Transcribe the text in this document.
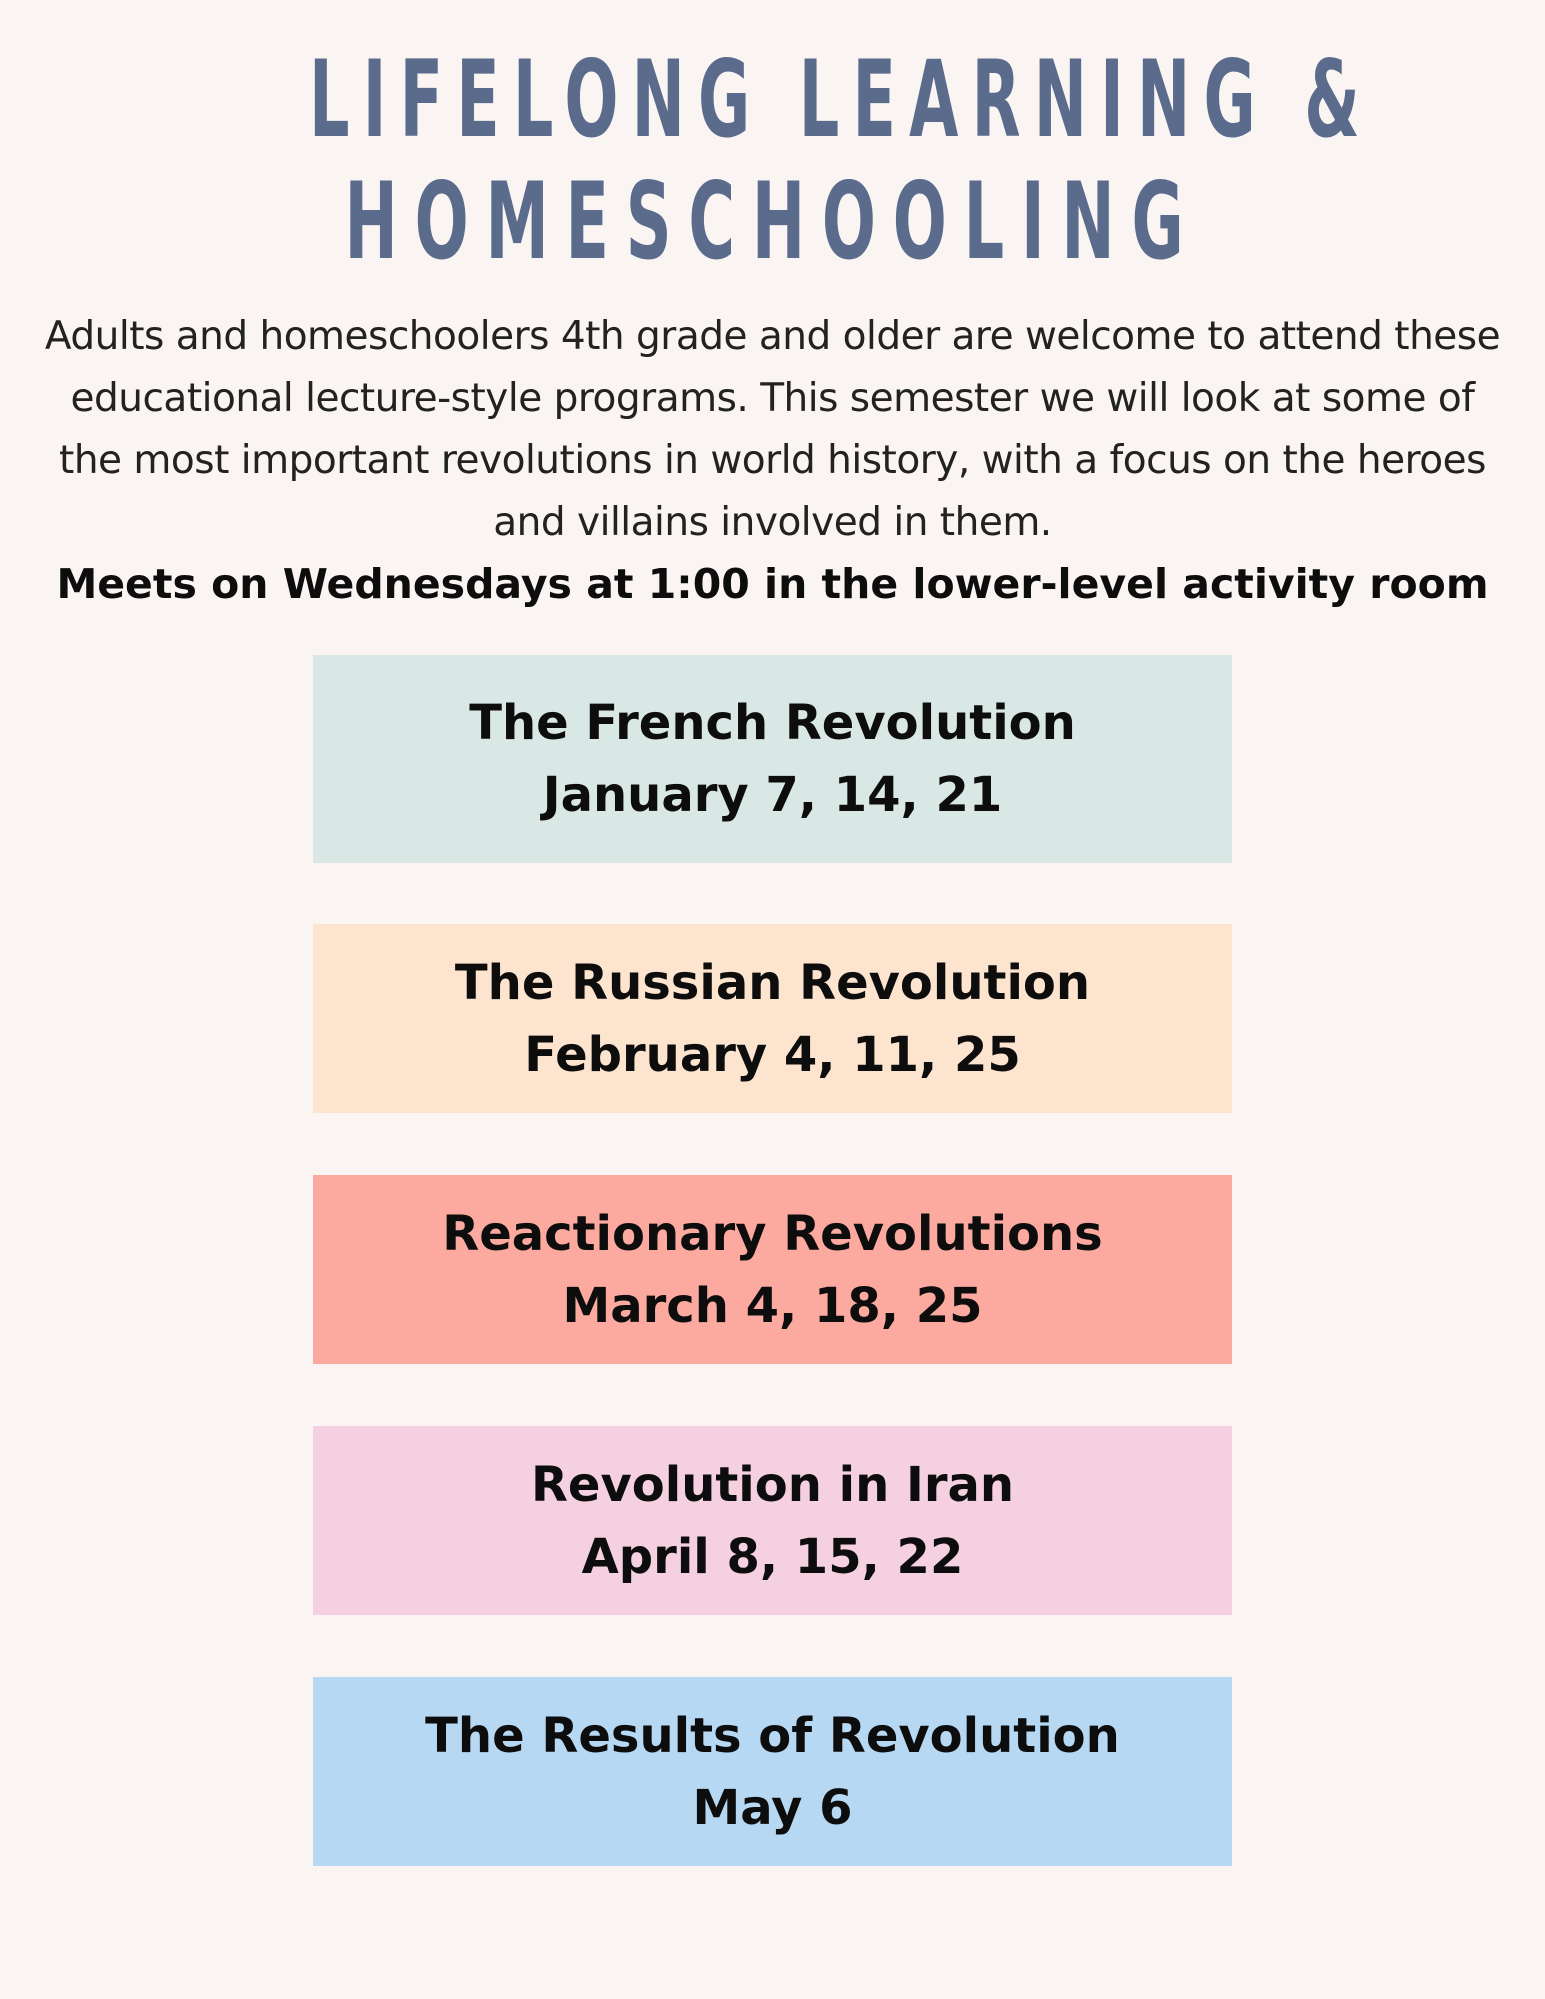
LIFELONG LEARNING &
HOMESCHOOLING

Adults and homeschoolers 4th grade and older are welcome to attend these educational lecture-style programs. This semester we will look at some of the most important revolutions in world history, with a focus on the heroes and villains involved in them.

Meets on Wednesdays at 1:00 in the lower-level activity room

The French Revolution
January 7, 14, 21
The Russian Revolution
February 4, 11, 25
Reactionary Revolutions
March 4, 18, 25
Revolution in Iran
April 8, 15, 22
The Results of Revolution
May 6
